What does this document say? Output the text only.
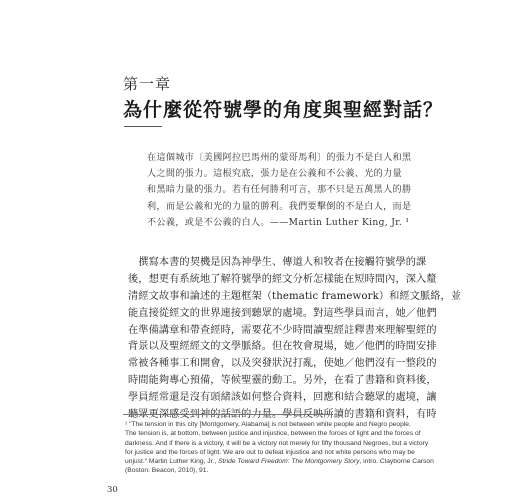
第一章
為什麼從符號學的角度與聖經對話？
在這個城市〔美國阿拉巴馬州的蒙哥馬利〕的張力不是白人和黑
人之間的張力。這根究底，張力是在公義和不公義、光的力量
和黑暗力量的張力。若有任何勝利可言，那不只是五萬黑人的勝
利，而是公義和光的力量的勝利。我們要擊倒的不是白人，而是
不公義，或是不公義的白人。——Martin Luther King, Jr. ¹
　撰寫本書的契機是因為神學生、傳道人和牧者在接觸符號學的課
後，想更有系統地了解符號學的經文分析怎樣能在短時間內，深入釐
清經文故事和論述的主題框架（thematic framework）和經文脈絡，並
能直接從經文的世界連接到聽眾的處境。對這些學員而言，她／他們
在準備講章和帶查經時，需要花不少時間讀聖經註釋書來理解聖經的
背景以及聖經經文的文學脈絡。但在牧會現場，她／他們的時間安排
常被各種事工和開會，以及突發狀況打亂，使她／他們沒有一整段的
時間能夠專心預備，等候聖靈的動工。另外，在看了書籍和資料後，
學員經常還是沒有頭緒該如何整合資料，回應和結合聽眾的處境，讓
聽眾更深感受到神的話語的力量。學員反映所讀的書籍和資料，有時
¹ "The tension in this city [Montgomery, Alabama] is not between white people and Negro people.
The tension is, at bottom, between justice and injustice, between the forces of light and the forces of
darkness. And if there is a victory, it will be a victory not merely for fifty thousand Negroes, but a victory
for justice and the forces of light. We are out to defeat injustice and not white persons who may be
unjust." Martin Luther King, Jr., Stride Toward Freedom: The Montgomery Story, intro. Clayborne Carson
(Boston: Beacon, 2010), 91.
30
